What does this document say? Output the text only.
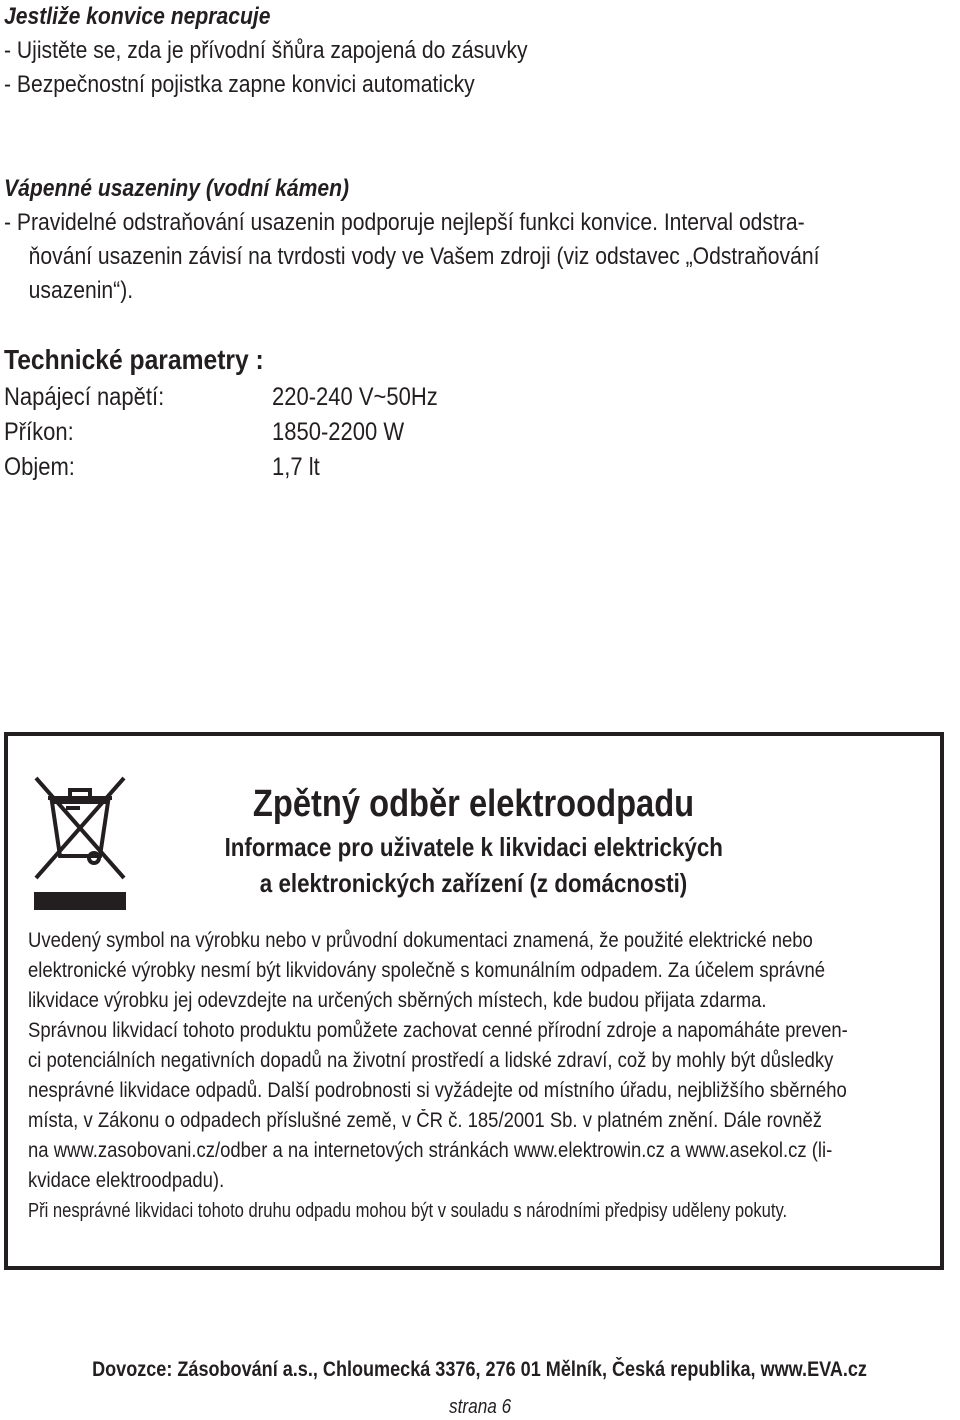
Jestliže konvice nepracuje
- Ujistěte se, zda je přívodní šňůra zapojená do zásuvky
- Bezpečnostní pojistka zapne konvici automaticky
Vápenné usazeniny (vodní kámen)
- Pravidelné odstraňování usazenin podporuje nejlepší funkci konvice. Interval odstra-
ňování usazenin závisí na tvrdosti vody ve Vašem zdroji (viz odstavec „Odstraňování
usazenin“).
Technické parametry :
Napájecí napětí:	220-240 V~50Hz
Příkon:	1850-2200 W
Objem:	1,7 lt
Zpětný odběr elektroodpadu
Informace pro uživatele k likvidaci elektrických
a elektronických zařízení (z domácnosti)
Uvedený symbol na výrobku nebo v průvodní dokumentaci znamená, že použité elektrické nebo
elektronické výrobky nesmí být likvidovány společně s komunálním odpadem. Za účelem správné
likvidace výrobku jej odevzdejte na určených sběrných místech, kde budou přijata zdarma.
Správnou likvidací tohoto produktu pomůžete zachovat cenné přírodní zdroje a napomáháte preven-
ci potenciálních negativních dopadů na životní prostředí a lidské zdraví, což by mohly být důsledky
nesprávné likvidace odpadů. Další podrobnosti si vyžádejte od místního úřadu, nejbližšího sběrného
místa, v Zákonu o odpadech příslušné země, v ČR č. 185/2001 Sb. v platném znění. Dále rovněž
na www.zasobovani.cz/odber a na internetových stránkách www.elektrowin.cz a www.asekol.cz (li-
kvidace elektroodpadu).
Při nesprávné likvidaci tohoto druhu odpadu mohou být v souladu s národními předpisy uděleny pokuty.
Dovozce: Zásobování a.s., Chloumecká 3376, 276 01 Mělník, Česká republika, www.EVA.cz
strana 6
